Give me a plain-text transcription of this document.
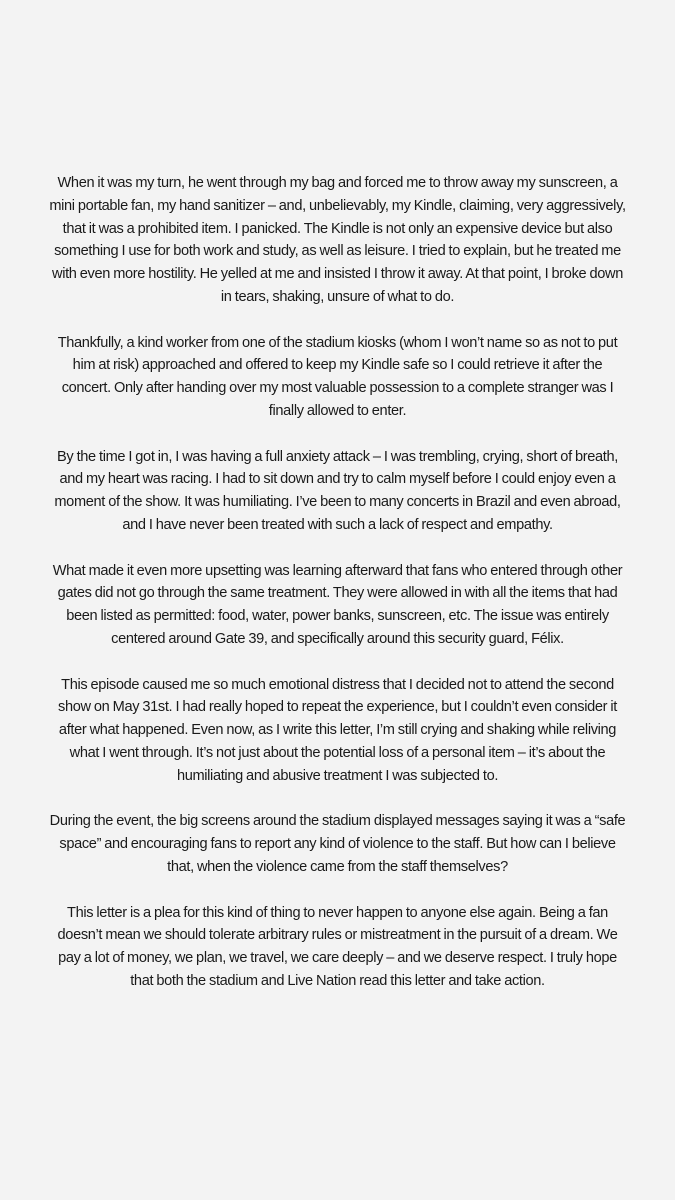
When it was my turn, he went through my bag and forced me to throw away my sunscreen, a mini portable fan, my hand sanitizer – and, unbelievably, my Kindle, claiming, very aggressively, that it was a prohibited item. I panicked. The Kindle is not only an expensive device but also something I use for both work and study, as well as leisure. I tried to explain, but he treated me with even more hostility. He yelled at me and insisted I throw it away. At that point, I broke down in tears, shaking, unsure of what to do.

Thankfully, a kind worker from one of the stadium kiosks (whom I won’t name so as not to put him at risk) approached and offered to keep my Kindle safe so I could retrieve it after the concert. Only after handing over my most valuable possession to a complete stranger was I finally allowed to enter.

By the time I got in, I was having a full anxiety attack – I was trembling, crying, short of breath, and my heart was racing. I had to sit down and try to calm myself before I could enjoy even a moment of the show. It was humiliating. I’ve been to many concerts in Brazil and even abroad, and I have never been treated with such a lack of respect and empathy.

What made it even more upsetting was learning afterward that fans who entered through other gates did not go through the same treatment. They were allowed in with all the items that had been listed as permitted: food, water, power banks, sunscreen, etc. The issue was entirely centered around Gate 39, and specifically around this security guard, Félix.

This episode caused me so much emotional distress that I decided not to attend the second show on May 31st. I had really hoped to repeat the experience, but I couldn’t even consider it after what happened. Even now, as I write this letter, I’m still crying and shaking while reliving what I went through. It’s not just about the potential loss of a personal item – it’s about the humiliating and abusive treatment I was subjected to.

During the event, the big screens around the stadium displayed messages saying it was a “safe space” and encouraging fans to report any kind of violence to the staff. But how can I believe that, when the violence came from the staff themselves?

This letter is a plea for this kind of thing to never happen to anyone else again. Being a fan doesn’t mean we should tolerate arbitrary rules or mistreatment in the pursuit of a dream. We pay a lot of money, we plan, we travel, we care deeply – and we deserve respect. I truly hope that both the stadium and Live Nation read this letter and take action.
